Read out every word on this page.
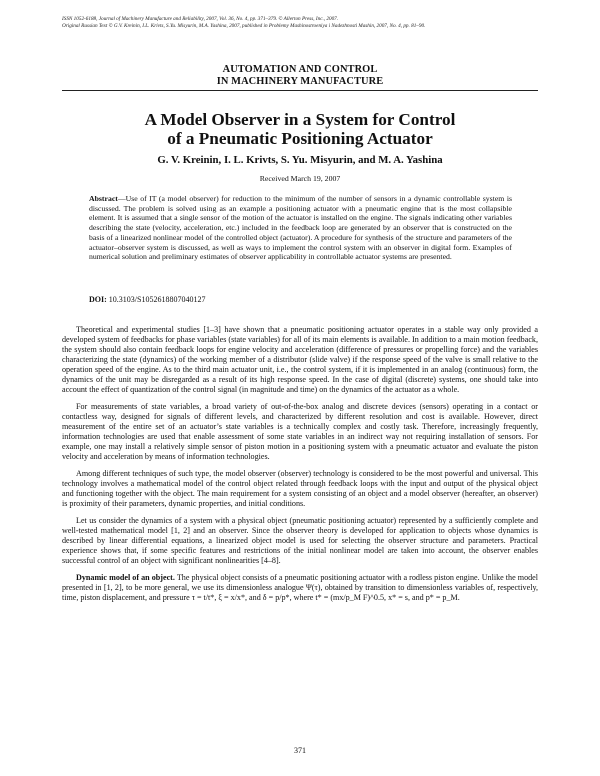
ISSN 1052-6188, Journal of Machinery Manufacture and Reliability, 2007, Vol. 36, No. 4, pp. 371–379. © Allerton Press, Inc., 2007.
Original Russian Text © G.V. Kreinin, I.L. Krivts, S.Yu. Misyurin, M.A. Yashina, 2007, published in Problemy Mashinostroeniya i Nadezhnosti Mashin, 2007, No. 4, pp. 81–90.
AUTOMATION AND CONTROL
IN MACHINERY MANUFACTURE
A Model Observer in a System for Control
of a Pneumatic Positioning Actuator
G. V. Kreinin, I. L. Krivts, S. Yu. Misyurin, and M. A. Yashina
Received March 19, 2007
Abstract—Use of IT (a model observer) for reduction to the minimum of the number of sensors in a dynamic controllable system is discussed. The problem is solved using as an example a positioning actuator with a pneumatic engine that is the most collapsible element. It is assumed that a single sensor of the motion of the actuator is installed on the engine. The signals indicating other variables describing the state (velocity, acceleration, etc.) included in the feedback loop are generated by an observer that is constructed on the basis of a linearized nonlinear model of the controlled object (actuator). A procedure for synthesis of the structure and parameters of the actuator–observer system is discussed, as well as ways to implement the control system with an observer in digital form. Examples of numerical solution and preliminary estimates of observer applicability in controllable actuator systems are presented.
DOI: 10.3103/S1052618807040127

Theoretical and experimental studies [1–3] have shown that a pneumatic positioning actuator operates in a stable way only provided a developed system of feedbacks for phase variables (state variables) for all of its main elements is available. In addition to a main motion feedback, the system should also contain feedback loops for engine velocity and acceleration (difference of pressures or propelling force) and the variables characterizing the state (dynamics) of the working member of a distributor (slide valve) if the response speed of the valve is small relative to the operation speed of the engine. As to the third main actuator unit, i.e., the control system, if it is implemented in an analog (continuous) form, the dynamics of the unit may be disregarded as a result of its high response speed. In the case of digital (discrete) systems, one should take into account the effect of quantization of the control signal (in magnitude and time) on the dynamics of the actuator as a whole.

For measurements of state variables, a broad variety of out-of-the-box analog and discrete devices (sensors) operating in a contact or contactless way, designed for signals of different levels, and characterized by different resolution and cost is available. However, direct measurement of the entire set of an actuator’s state variables is a technically complex and costly task. Therefore, increasingly frequently, information technologies are used that enable assessment of some state variables in an indirect way not requiring installation of sensors. For example, one may install a relatively simple sensor of piston motion in a positioning system with a pneumatic actuator and evaluate the piston velocity and acceleration by means of information technologies.

Among different techniques of such type, the model observer (observer) technology is considered to be the most powerful and universal. This technology involves a mathematical model of the control object related through feedback loops with the input and output of the physical object and functioning together with the object. The main requirement for a system consisting of an object and a model observer (hereafter, an observer) is proximity of their parameters, dynamic properties, and initial conditions.

Let us consider the dynamics of a system with a physical object (pneumatic positioning actuator) represented by a sufficiently complete and well-tested mathematical model [1, 2] and an observer. Since the observer theory is developed for application to objects whose dynamics is described by linear differential equations, a linearized object model is used for selecting the observer structure and parameters. Practical experience shows that, if some specific features and restrictions of the initial nonlinear model are taken into account, the observer enables successful control of an object with significant nonlinearities [4–8].

Dynamic model of an object. The physical object consists of a pneumatic positioning actuator with a rodless piston engine. Unlike the model presented in [1, 2], to be more general, we use its dimensionless analogue Ψ(τ), obtained by transition to dimensionless variables of, respectively, time, piston displacement, and pressure τ = t/t*, ξ = x/x*, and δ = p/p*, where t* = (mx/p_M F)^0.5, x* = s, and p* = p_M.

371
